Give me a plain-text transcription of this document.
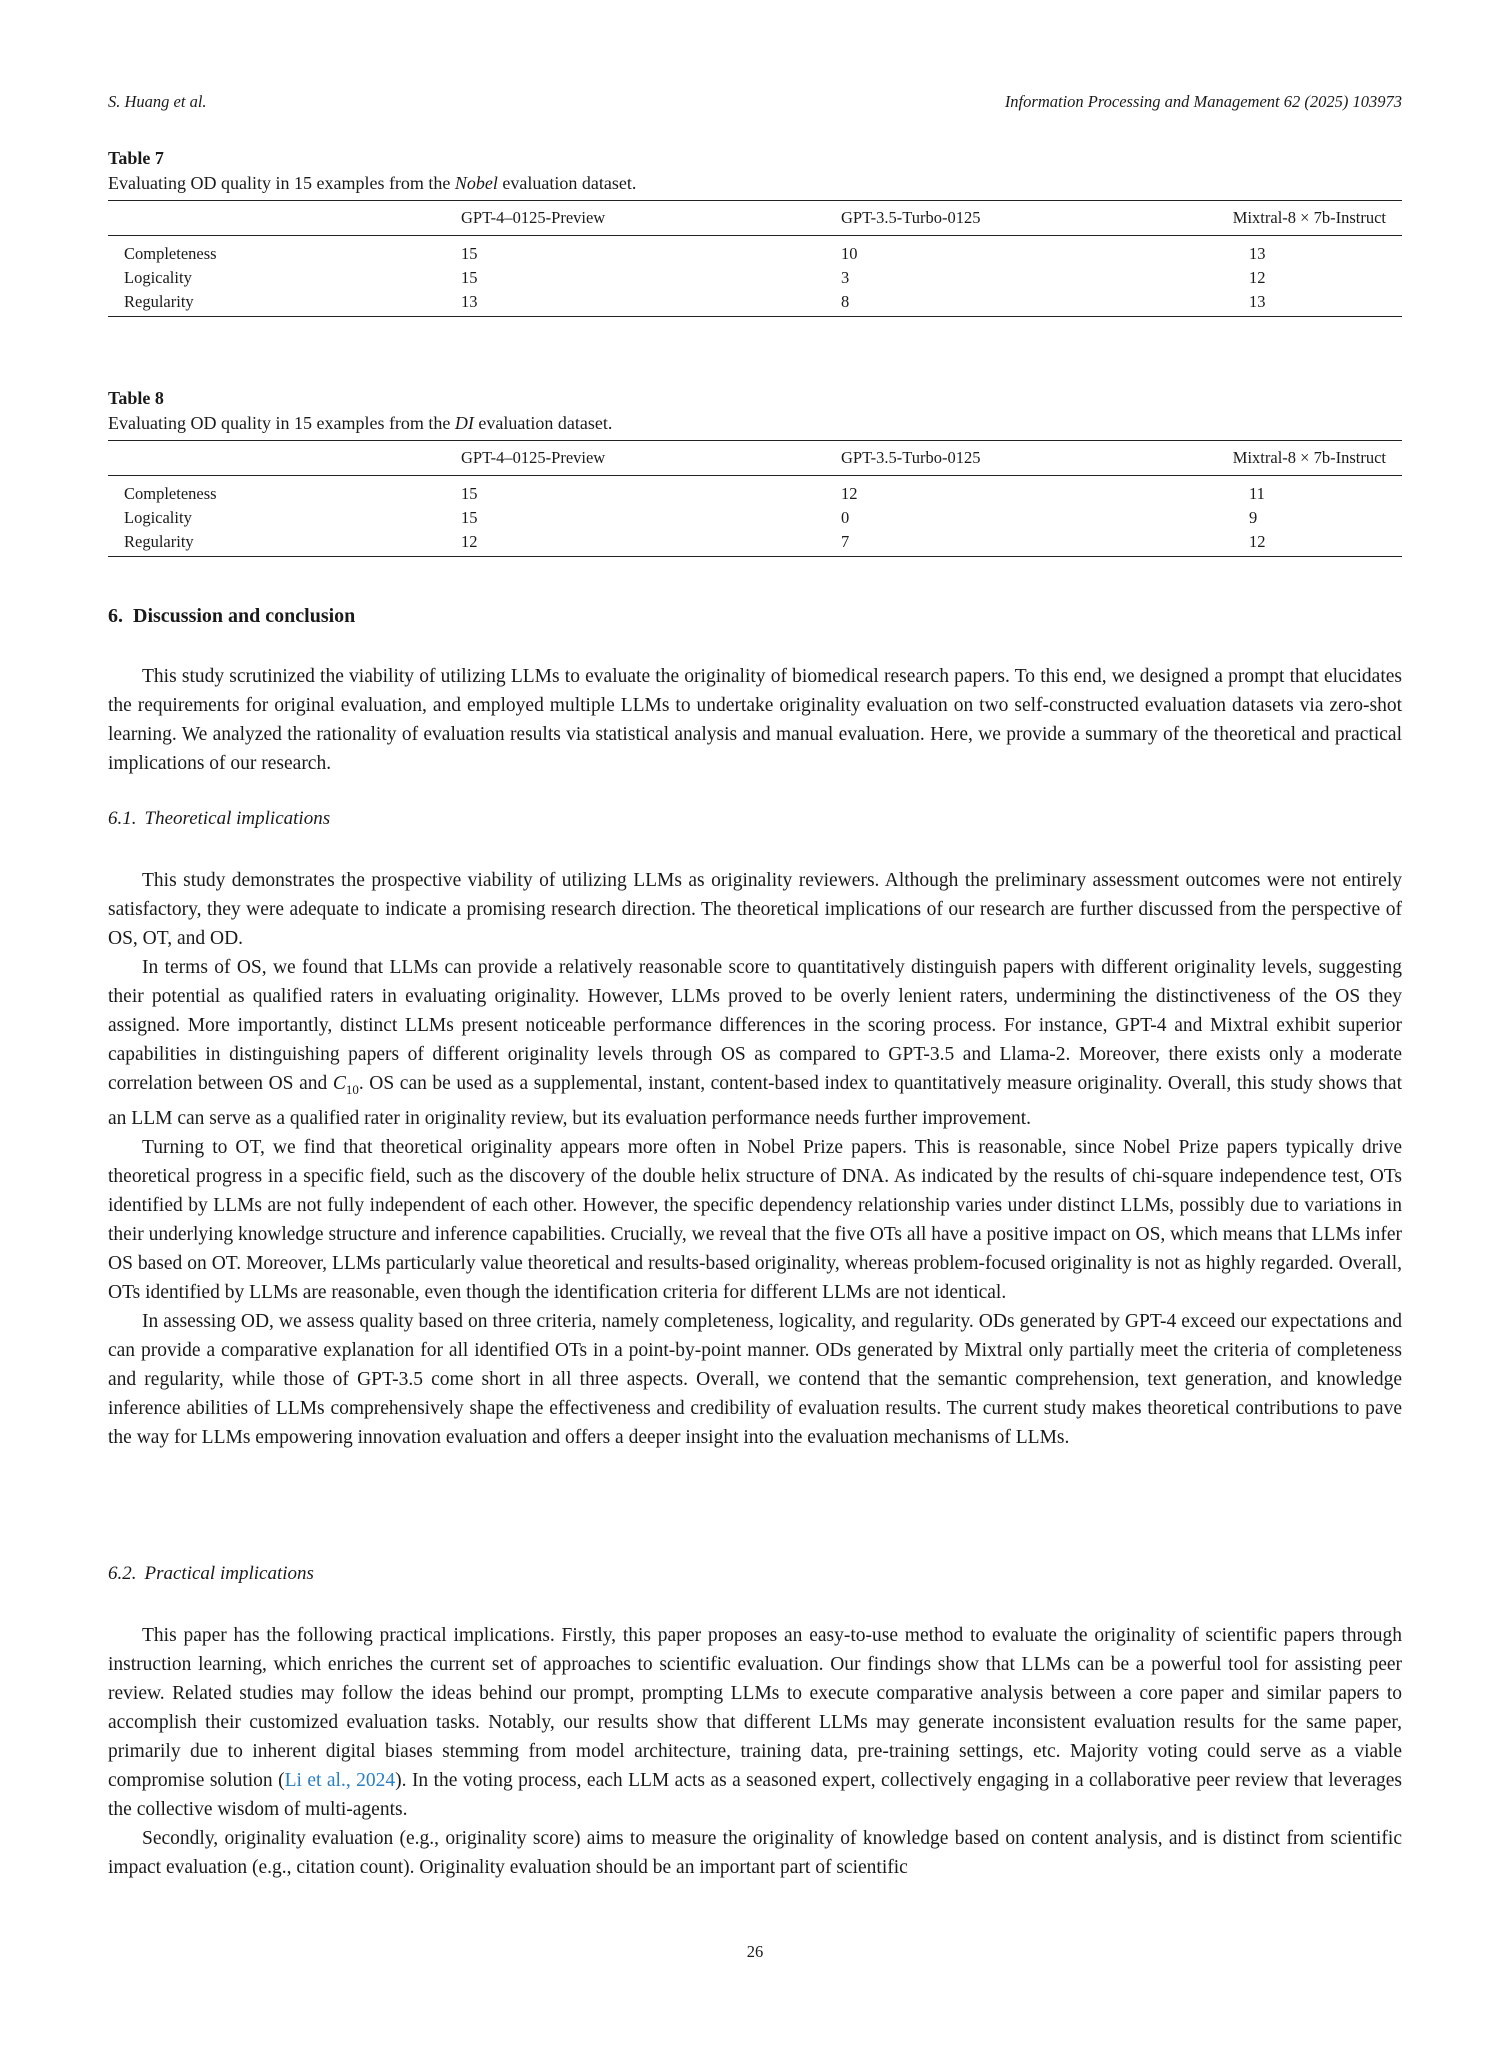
S. Huang et al.	Information Processing and Management 62 (2025) 103973
Table 7
Evaluating OD quality in 15 examples from the Nobel evaluation dataset.
	GPT-4–0125-Preview	GPT-3.5-Turbo-0125	Mixtral-8 × 7b-Instruct
Completeness	15	10	13
Logicality	15	3	12
Regularity	13	8	13
Table 8
Evaluating OD quality in 15 examples from the DI evaluation dataset.
	GPT-4–0125-Preview	GPT-3.5-Turbo-0125	Mixtral-8 × 7b-Instruct
Completeness	15	12	11
Logicality	15	0	9
Regularity	12	7	12
6. Discussion and conclusion

This study scrutinized the viability of utilizing LLMs to evaluate the originality of biomedical research papers. To this end, we designed a prompt that elucidates the requirements for original evaluation, and employed multiple LLMs to undertake originality evaluation on two self-constructed evaluation datasets via zero-shot learning. We analyzed the rationality of evaluation results via statistical analysis and manual evaluation. Here, we provide a summary of the theoretical and practical implications of our research.

6.1. Theoretical implications

This study demonstrates the prospective viability of utilizing LLMs as originality reviewers. Although the preliminary assessment outcomes were not entirely satisfactory, they were adequate to indicate a promising research direction. The theoretical implications of our research are further discussed from the perspective of OS, OT, and OD.

In terms of OS, we found that LLMs can provide a relatively reasonable score to quantitatively distinguish papers with different originality levels, suggesting their potential as qualified raters in evaluating originality. However, LLMs proved to be overly lenient raters, undermining the distinctiveness of the OS they assigned. More importantly, distinct LLMs present noticeable performance differences in the scoring process. For instance, GPT-4 and Mixtral exhibit superior capabilities in distinguishing papers of different originality levels through OS as compared to GPT-3.5 and Llama-2. Moreover, there exists only a moderate correlation between OS and $C_{10}$. OS can be used as a supplemental, instant, content-based index to quantitatively measure originality. Overall, this study shows that an LLM can serve as a qualified rater in originality review, but its evaluation performance needs further improvement.

Turning to OT, we find that theoretical originality appears more often in Nobel Prize papers. This is reasonable, since Nobel Prize papers typically drive theoretical progress in a specific field, such as the discovery of the double helix structure of DNA. As indicated by the results of chi-square independence test, OTs identified by LLMs are not fully independent of each other. However, the specific dependency relationship varies under distinct LLMs, possibly due to variations in their underlying knowledge structure and inference capabilities. Crucially, we reveal that the five OTs all have a positive impact on OS, which means that LLMs infer OS based on OT. Moreover, LLMs particularly value theoretical and results-based originality, whereas problem-focused originality is not as highly regarded. Overall, OTs identified by LLMs are reasonable, even though the identification criteria for different LLMs are not identical.

In assessing OD, we assess quality based on three criteria, namely completeness, logicality, and regularity. ODs generated by GPT-4 exceed our expectations and can provide a comparative explanation for all identified OTs in a point-by-point manner. ODs generated by Mixtral only partially meet the criteria of completeness and regularity, while those of GPT-3.5 come short in all three aspects. Overall, we contend that the semantic comprehension, text generation, and knowledge inference abilities of LLMs comprehensively shape the effectiveness and credibility of evaluation results. The current study makes theoretical contributions to pave the way for LLMs empowering innovation evaluation and offers a deeper insight into the evaluation mechanisms of LLMs.

6.2. Practical implications

This paper has the following practical implications. Firstly, this paper proposes an easy-to-use method to evaluate the originality of scientific papers through instruction learning, which enriches the current set of approaches to scientific evaluation. Our findings show that LLMs can be a powerful tool for assisting peer review. Related studies may follow the ideas behind our prompt, prompting LLMs to execute comparative analysis between a core paper and similar papers to accomplish their customized evaluation tasks. Notably, our results show that different LLMs may generate inconsistent evaluation results for the same paper, primarily due to inherent digital biases stemming from model architecture, training data, pre-training settings, etc. Majority voting could serve as a viable compromise solution (Li et al., 2024). In the voting process, each LLM acts as a seasoned expert, collectively engaging in a collaborative peer review that leverages the collective wisdom of multi-agents.

Secondly, originality evaluation (e.g., originality score) aims to measure the originality of knowledge based on content analysis, and is distinct from scientific impact evaluation (e.g., citation count). Originality evaluation should be an important part of scientific

26
